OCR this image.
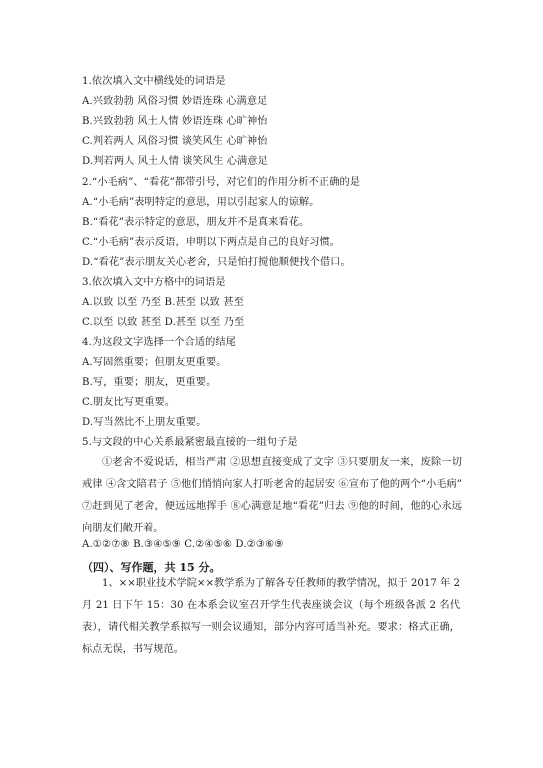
1.依次填入文中横线处的词语是
A.兴致勃勃 风俗习惯 妙语连珠 心满意足
B.兴致勃勃 风土人情 妙语连珠 心旷神怡
C.判若两人 风俗习惯 谈笑风生 心旷神怡
D.判若两人 风土人情 谈笑风生 心满意足
2.“小毛病”、“看花”都带引号，对它们的作用分析不正确的是
A.“小毛病”表明特定的意思，用以引起家人的谅解。
B.“看花”表示特定的意思，朋友并不是真来看花。
C.“小毛病”表示反语，申明以下两点是自己的良好习惯。
D.“看花”表示朋友关心老舍，只是怕打搅他顺便找个借口。
3.依次填入文中方格中的词语是
A.以致 以至 乃至 B.甚至 以致 甚至
C.以至 以致 甚至 D.甚至 以至 乃至
4.为这段文字选择一个合适的结尾
A.写固然重要；但朋友更重要。
B.写，重要；朋友，更重要。
C.朋友比写更重要。
D.写当然比不上朋友重要。
5.与文段的中心关系最紧密最直接的一组句子是
①老舍不爱说话，相当严肃 ②思想直接变成了文字 ③只要朋友一来，废除一切戒律 ④含文陪君子 ⑤他们悄悄向家人打听老舍的起居安 ⑥宣布了他的两个“小毛病” ⑦赶到见了老舍，便远远地挥手 ⑧心满意足地“看花”归去 ⑨他的时间，他的心永远向朋友们敞开着。
A.①②⑦⑧ B.③④⑤⑨ C.②④⑤⑥ D.②③⑥⑨
（四）、写作题，共 15 分。
1、××职业技术学院××教学系为了解各专任教师的教学情况，拟于 2017 年 2 月 21 日下午 15：30 在本系会议室召开学生代表座谈会议（每个班级各派 2 名代表），请代相关教学系拟写一则会议通知，部分内容可适当补充。要求：格式正确，标点无误，书写规范。
